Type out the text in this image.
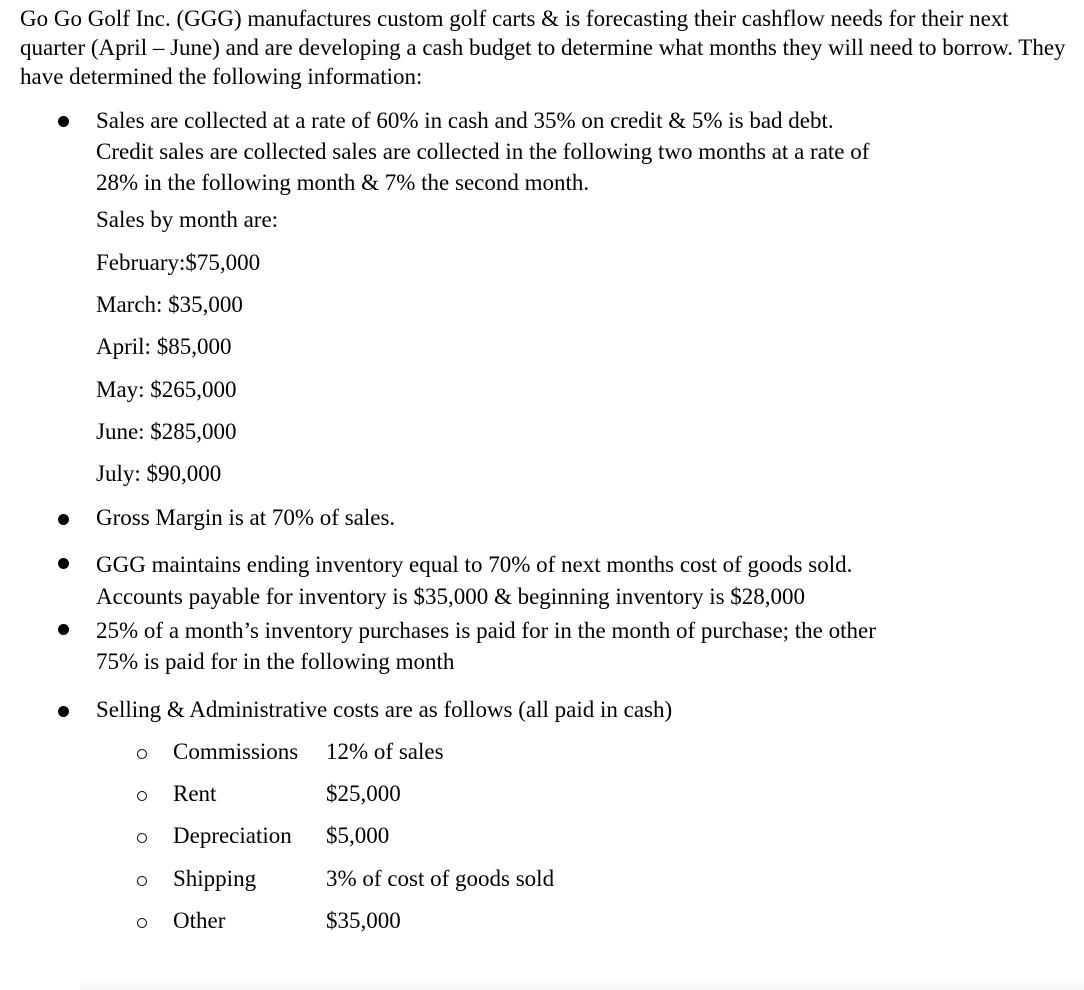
Go Go Golf Inc. (GGG) manufactures custom golf carts & is forecasting their cashflow needs for their next quarter (April – June) and are developing a cash budget to determine what months they will need to borrow. They have determined the following information:

Sales are collected at a rate of 60% in cash and 35% on credit & 5% is bad debt.
Credit sales are collected sales are collected in the following two months at a rate of
28% in the following month & 7% the second month.
Sales by month are:
February:$75,000
March: $35,000
April: $85,000
May: $265,000
June: $285,000
July: $90,000
Gross Margin is at 70% of sales.
GGG maintains ending inventory equal to 70% of next months cost of goods sold.
Accounts payable for inventory is $35,000 & beginning inventory is $28,000
25% of a month’s inventory purchases is paid for in the month of purchase; the other
75% is paid for in the following month
Selling & Administrative costs are as follows (all paid in cash)
Commissions 12% of sales
Rent	$25,000
Depreciation $5,000
Shipping	3% of cost of goods sold
Other	$35,000
